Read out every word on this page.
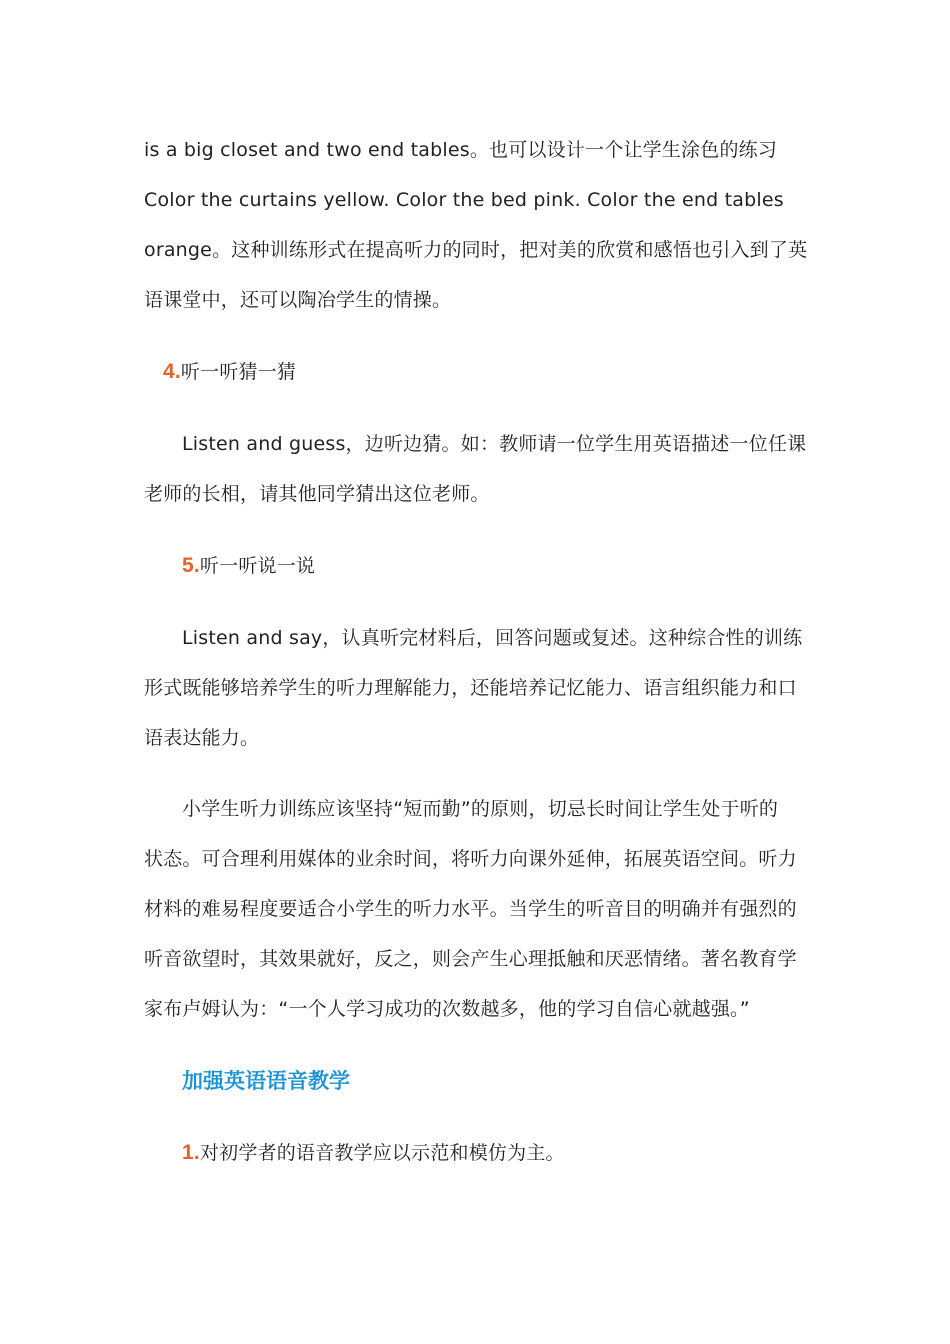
is a big closet and two end tables。也可以设计一个让学生涂色的练习
Color the curtains yellow. Color the bed pink. Color the end tables
orange。这种训练形式在提高听力的同时，把对美的欣赏和感悟也引入到了英
语课堂中，还可以陶冶学生的情操。
4.听一听猜一猜
Listen and guess，边听边猜。如：教师请一位学生用英语描述一位任课
老师的长相，请其他同学猜出这位老师。
5.听一听说一说
Listen and say，认真听完材料后，回答问题或复述。这种综合性的训练
形式既能够培养学生的听力理解能力，还能培养记忆能力、语言组织能力和口
语表达能力。
小学生听力训练应该坚持“短而勤”的原则，切忌长时间让学生处于听的
状态。可合理利用媒体的业余时间，将听力向课外延伸，拓展英语空间。听力
材料的难易程度要适合小学生的听力水平。当学生的听音目的明确并有强烈的
听音欲望时，其效果就好，反之，则会产生心理抵触和厌恶情绪。著名教育学
家布卢姆认为：“一个人学习成功的次数越多，他的学习自信心就越强。”
加强英语语音教学
1.对初学者的语音教学应以示范和模仿为主。
